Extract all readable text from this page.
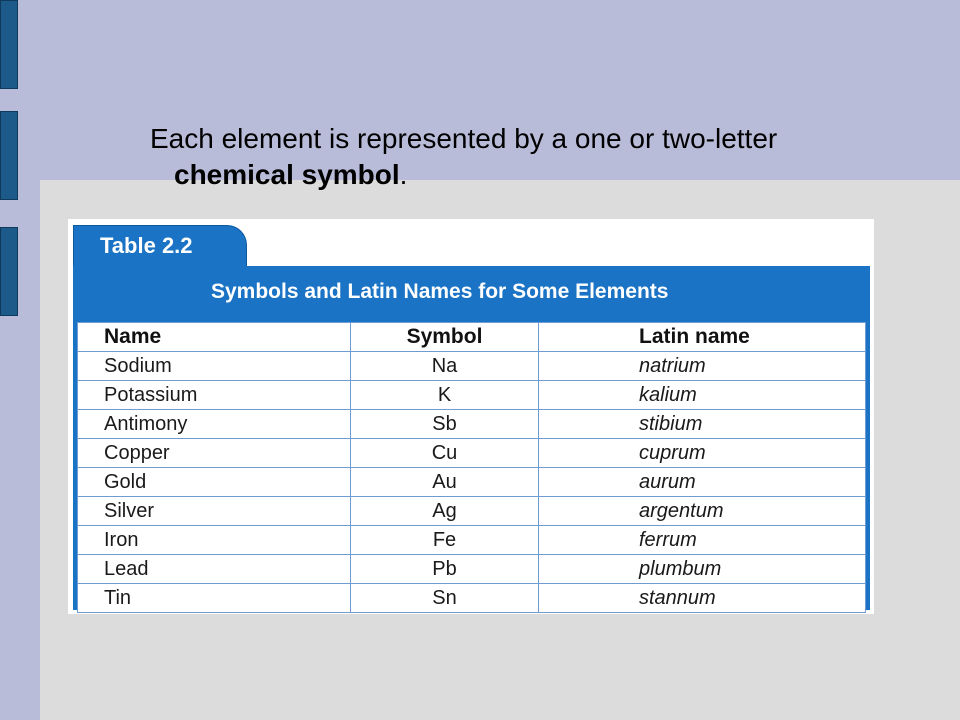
Each element is represented by a one or two-letter
chemical symbol.
Table 2.2
Symbols and Latin Names for Some Elements
Name	Symbol	Latin name
Sodium	Na	natrium
Potassium	K	kalium
Antimony	Sb	stibium
Copper	Cu	cuprum
Gold	Au	aurum
Silver	Ag	argentum
Iron	Fe	ferrum
Lead	Pb	plumbum
Tin	Sn	stannum
